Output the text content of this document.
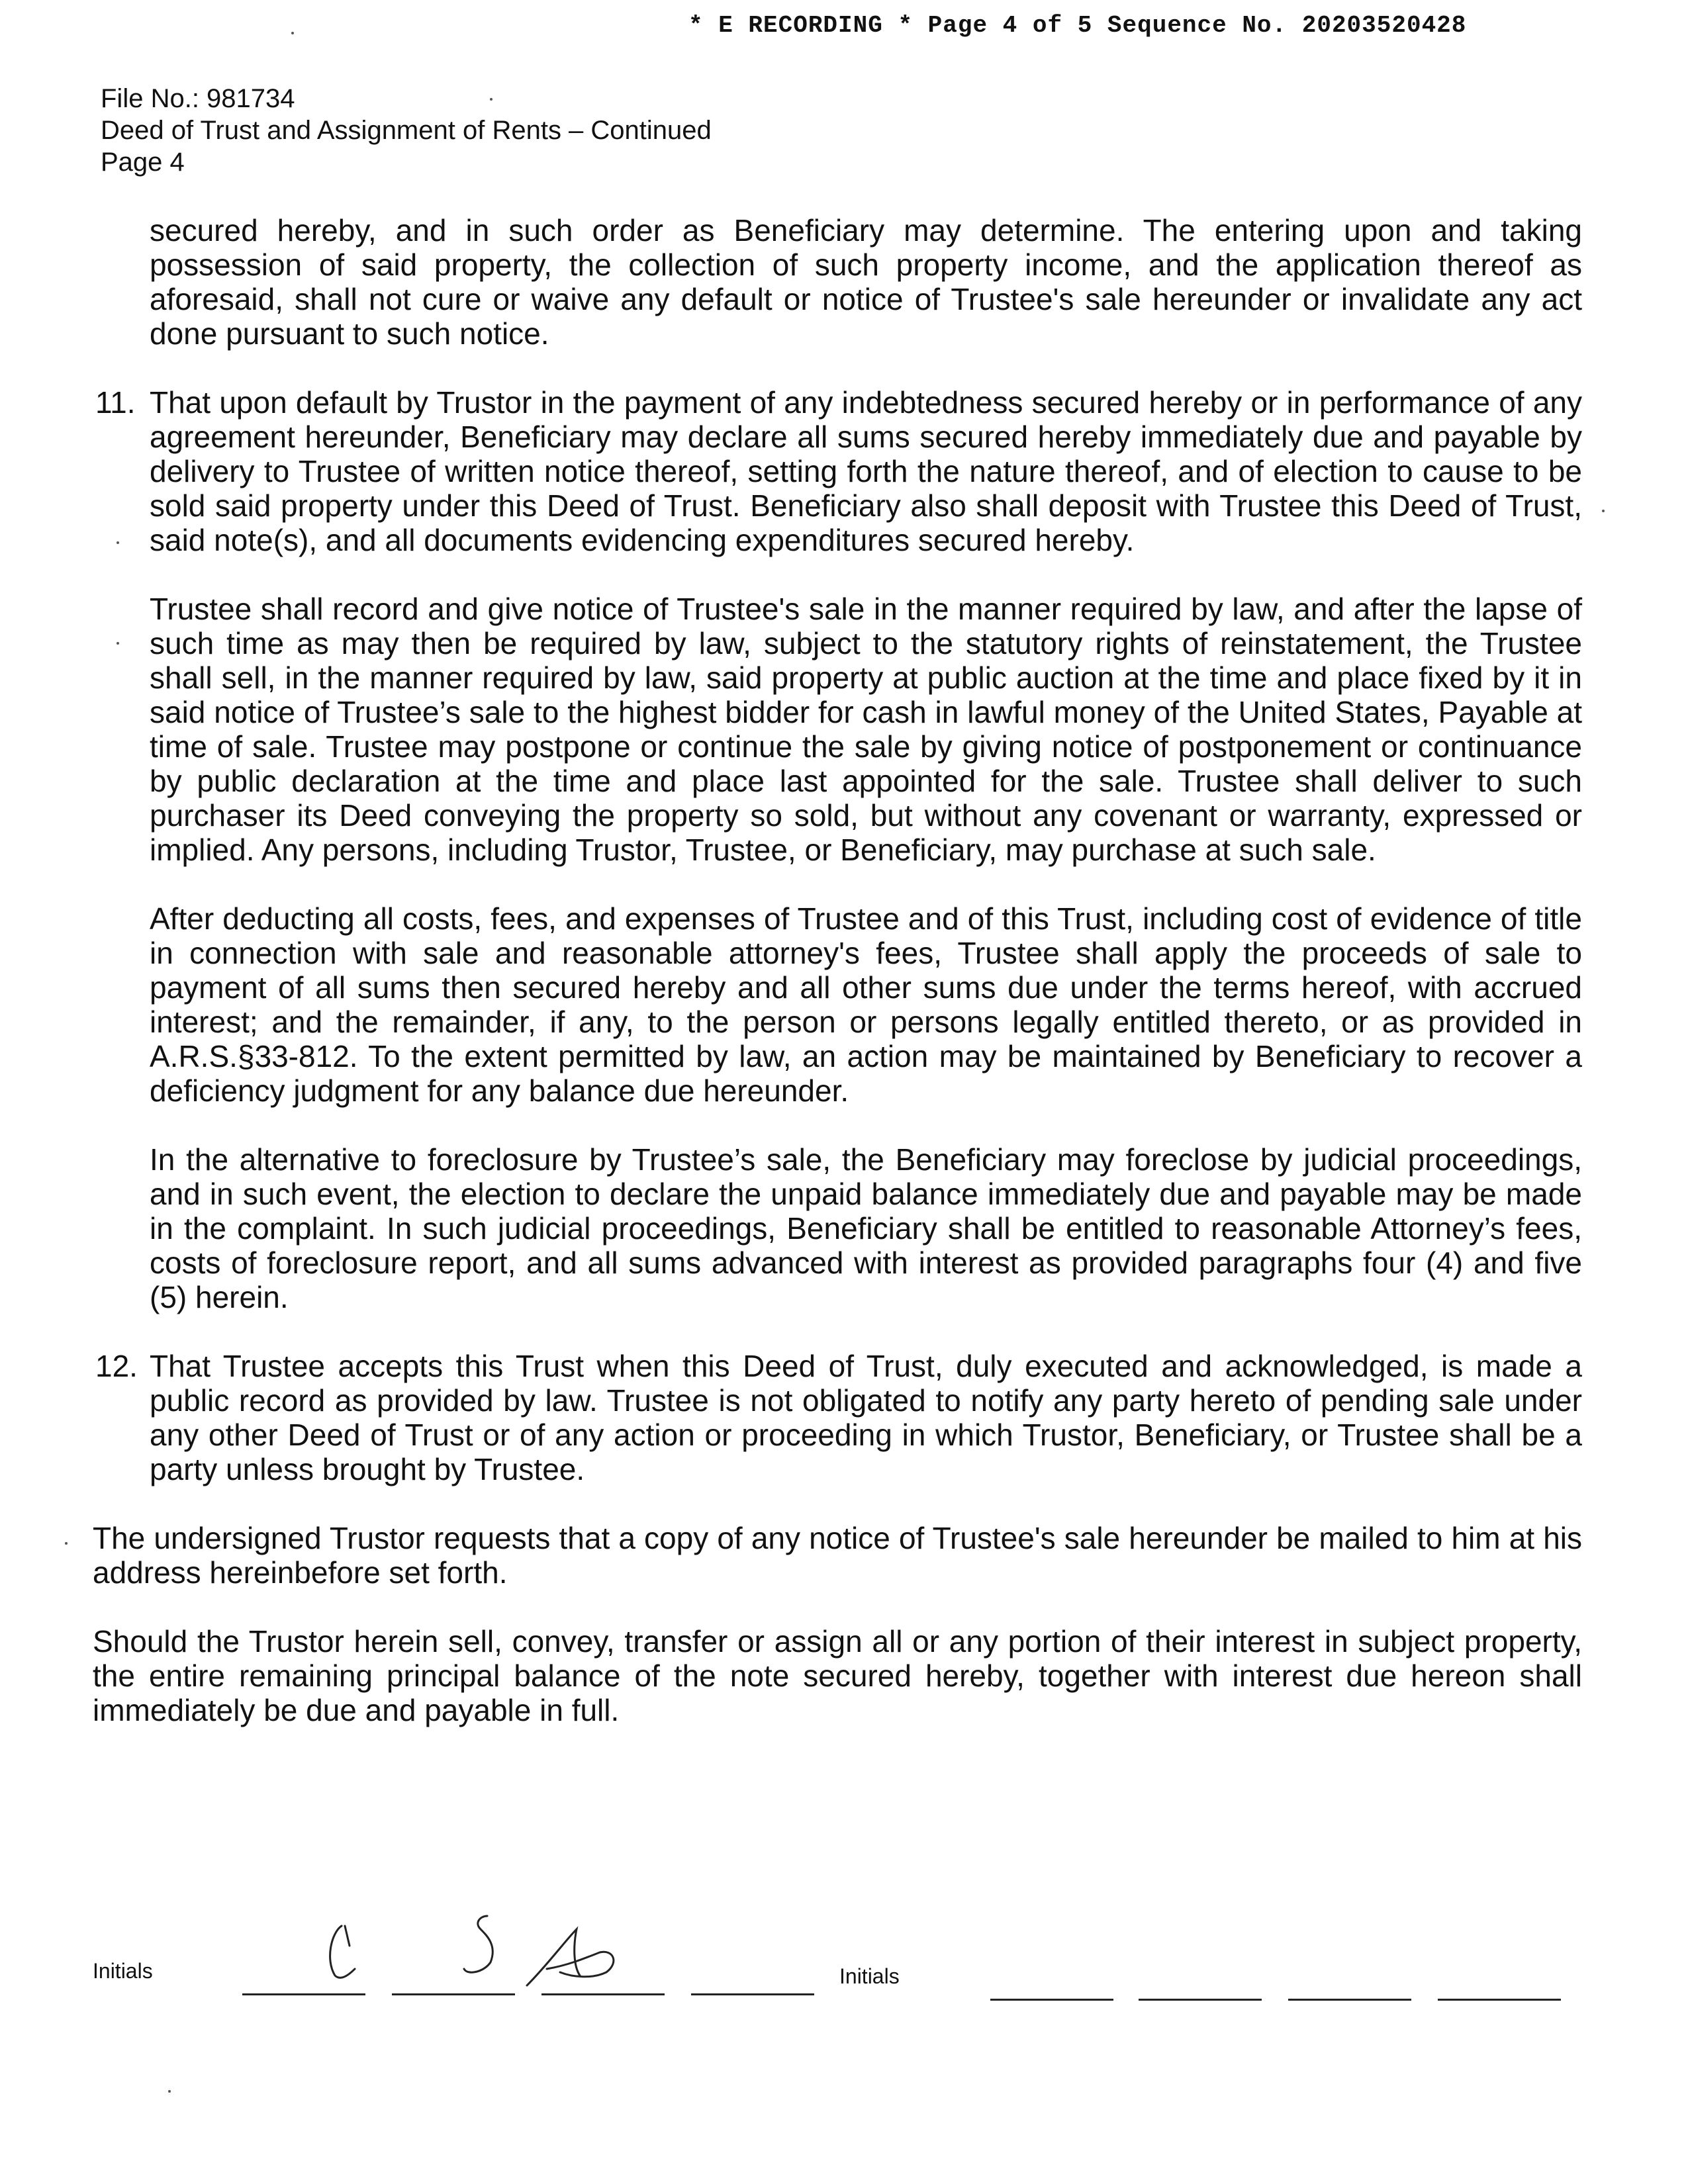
* E RECORDING * Page 4 of 5 Sequence No. 20203520428
File No.: 981734
Deed of Trust and Assignment of Rents – Continued
Page 4

secured hereby, and in such order as Beneficiary may determine. The entering upon and taking possession of said property, the collection of such property income, and the application thereof as aforesaid, shall not cure or waive any default or notice of Trustee's sale hereunder or invalidate any act done pursuant to such notice.

11. That upon default by Trustor in the payment of any indebtedness secured hereby or in performance of any agreement hereunder, Beneficiary may declare all sums secured hereby immediately due and payable by delivery to Trustee of written notice thereof, setting forth the nature thereof, and of election to cause to be sold said property under this Deed of Trust. Beneficiary also shall deposit with Trustee this Deed of Trust, said note(s), and all documents evidencing expenditures secured hereby.

Trustee shall record and give notice of Trustee's sale in the manner required by law, and after the lapse of such time as may then be required by law, subject to the statutory rights of reinstatement, the Trustee shall sell, in the manner required by law, said property at public auction at the time and place fixed by it in said notice of Trustee’s sale to the highest bidder for cash in lawful money of the United States, Payable at time of sale. Trustee may postpone or continue the sale by giving notice of postponement or continuance by public declaration at the time and place last appointed for the sale. Trustee shall deliver to such purchaser its Deed conveying the property so sold, but without any covenant or warranty, expressed or implied. Any persons, including Trustor, Trustee, or Beneficiary, may purchase at such sale.

After deducting all costs, fees, and expenses of Trustee and of this Trust, including cost of evidence of title in connection with sale and reasonable attorney's fees, Trustee shall apply the proceeds of sale to payment of all sums then secured hereby and all other sums due under the terms hereof, with accrued interest; and the remainder, if any, to the person or persons legally entitled thereto, or as provided in A.R.S.§33-812. To the extent permitted by law, an action may be maintained by Beneficiary to recover a deficiency judgment for any balance due hereunder.

In the alternative to foreclosure by Trustee’s sale, the Beneficiary may foreclose by judicial proceedings, and in such event, the election to declare the unpaid balance immediately due and payable may be made in the complaint. In such judicial proceedings, Beneficiary shall be entitled to reasonable Attorney’s fees, costs of foreclosure report, and all sums advanced with interest as provided paragraphs four (4) and five (5) herein.

12. That Trustee accepts this Trust when this Deed of Trust, duly executed and acknowledged, is made a public record as provided by law. Trustee is not obligated to notify any party hereto of pending sale under any other Deed of Trust or of any action or proceeding in which Trustor, Beneficiary, or Trustee shall be a party unless brought by Trustee.

The undersigned Trustor requests that a copy of any notice of Trustee's sale hereunder be mailed to him at his address hereinbefore set forth.

Should the Trustor herein sell, convey, transfer or assign all or any portion of their interest in subject property, the entire remaining principal balance of the note secured hereby, together with interest due hereon shall immediately be due and payable in full.

Initials	Initials
